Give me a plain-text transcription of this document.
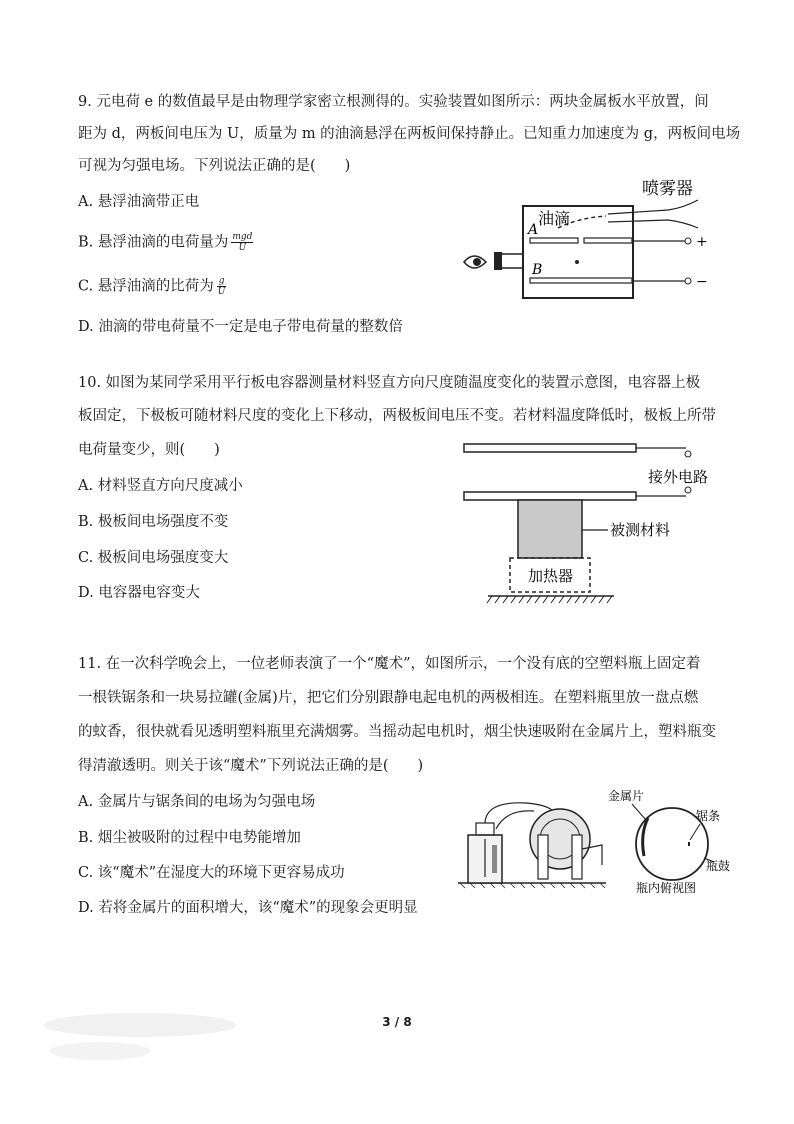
9. 元电荷 e 的数值最早是由物理学家密立根测得的。实验装置如图所示：两块金属板水平放置，间
距为 d，两板间电压为 U，质量为 m 的油滴悬浮在两板间保持静止。已知重力加速度为 g，两板间电场
可视为匀强电场。下列说法正确的是(　　)
A. 悬浮油滴带正电
B. 悬浮油滴的电荷量为 $\frac{\text{mgd}}{U}$
C. 悬浮油滴的比荷为 $\frac{g}{U}$
D. 油滴的带电荷量不一定是电子带电荷量的整数倍
喷雾器
油滴
A
+
B
−
10. 如图为某同学采用平行板电容器测量材料竖直方向尺度随温度变化的装置示意图，电容器上极
板固定，下极板可随材料尺度的变化上下移动，两极板间电压不变。若材料温度降低时，极板上所带
电荷量变少，则(　　)
A. 材料竖直方向尺度减小
B. 极板间电场强度不变
C. 极板间电场强度变大
D. 电容器电容变大
接外电路
被测材料
加热器
11. 在一次科学晚会上，一位老师表演了一个“魔术”，如图所示，一个没有底的空塑料瓶上固定着
一根铁锯条和一块易拉罐(金属)片，把它们分别跟静电起电机的两极相连。在塑料瓶里放一盘点燃
的蚊香，很快就看见透明塑料瓶里充满烟雾。当摇动起电机时，烟尘快速吸附在金属片上，塑料瓶变
得清澈透明。则关于该“魔术”下列说法正确的是(　　)
A. 金属片与锯条间的电场为匀强电场
B. 烟尘被吸附的过程中电势能增加
C. 该“魔术”在湿度大的环境下更容易成功
D. 若将金属片的面积增大，该“魔术”的现象会更明显
金属片
锯条
瓶鼓
瓶内俯视图
3 / 8
